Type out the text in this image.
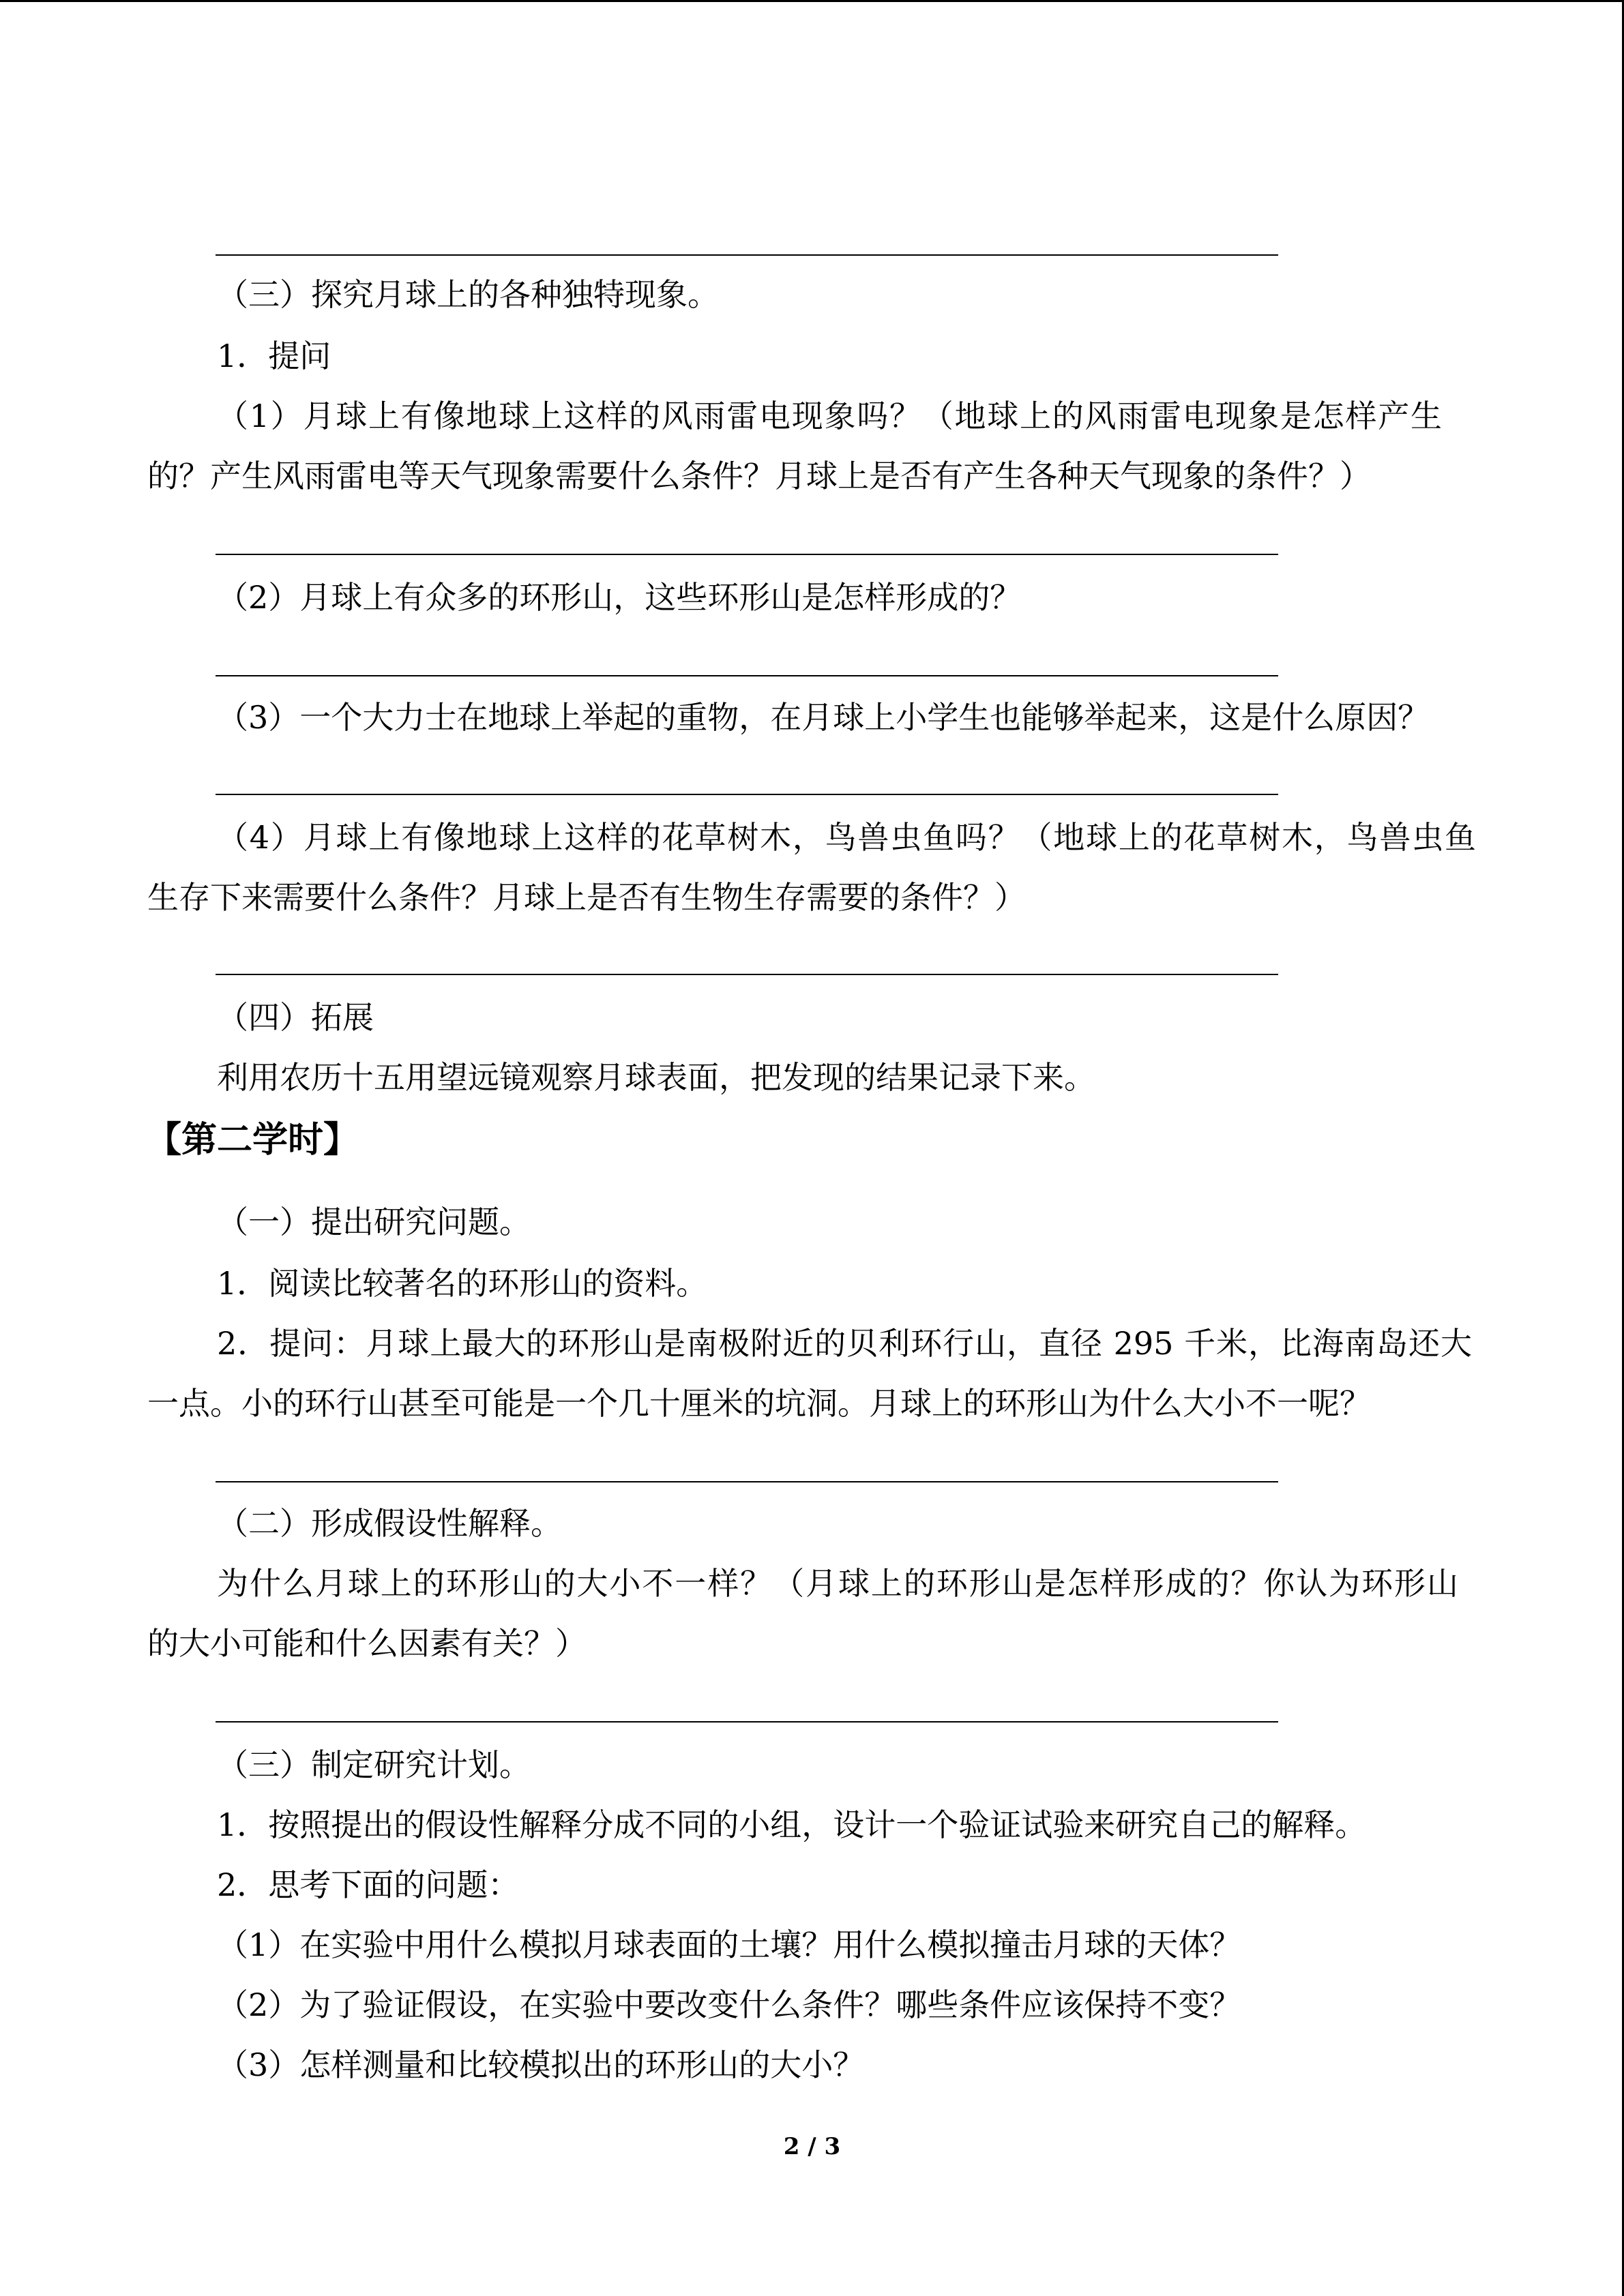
（三）探究月球上的各种独特现象。
1．提问
（1）月球上有像地球上这样的风雨雷电现象吗？（地球上的风雨雷电现象是怎样产生
的？产生风雨雷电等天气现象需要什么条件？月球上是否有产生各种天气现象的条件？）
（2）月球上有众多的环形山，这些环形山是怎样形成的？
（3）一个大力士在地球上举起的重物，在月球上小学生也能够举起来，这是什么原因？
（4）月球上有像地球上这样的花草树木，鸟兽虫鱼吗？（地球上的花草树木，鸟兽虫鱼
生存下来需要什么条件？月球上是否有生物生存需要的条件？）
（四）拓展
利用农历十五用望远镜观察月球表面，把发现的结果记录下来。
【第二学时】
（一）提出研究问题。
1．阅读比较著名的环形山的资料。
2．提问：月球上最大的环形山是南极附近的贝利环行山，直径 295 千米，比海南岛还大
一点。小的环行山甚至可能是一个几十厘米的坑洞。月球上的环形山为什么大小不一呢？
（二）形成假设性解释。
为什么月球上的环形山的大小不一样？（月球上的环形山是怎样形成的？你认为环形山
的大小可能和什么因素有关？）
（三）制定研究计划。
1．按照提出的假设性解释分成不同的小组，设计一个验证试验来研究自己的解释。
2．思考下面的问题：
（1）在实验中用什么模拟月球表面的土壤？用什么模拟撞击月球的天体？
（2）为了验证假设，在实验中要改变什么条件？哪些条件应该保持不变？
（3）怎样测量和比较模拟出的环形山的大小？
2 / 3
